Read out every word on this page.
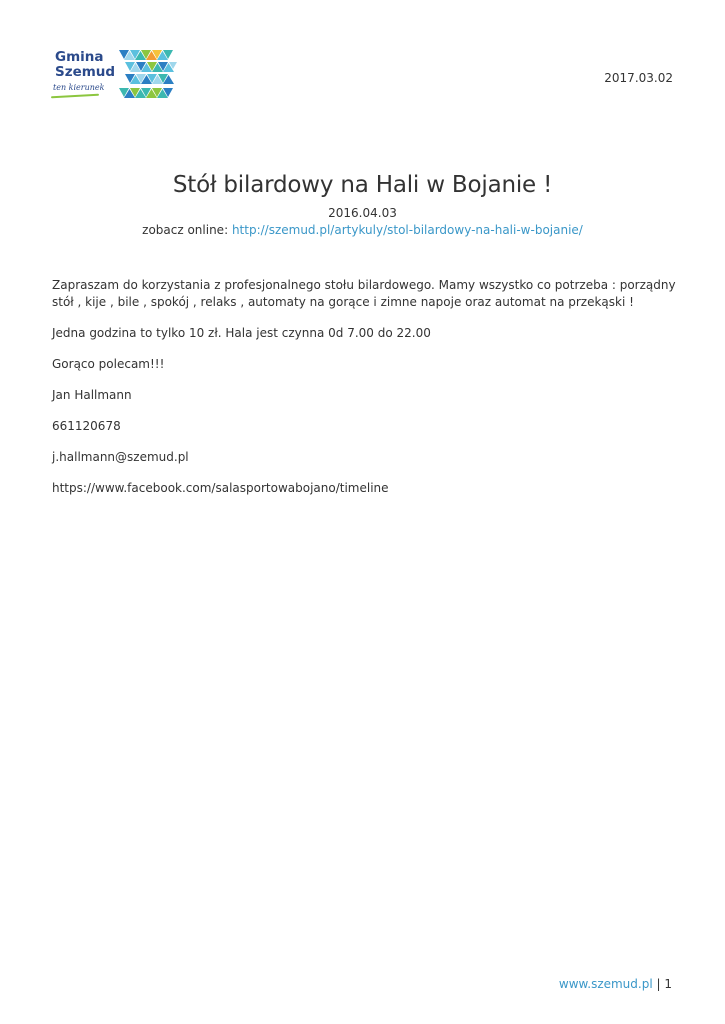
Gmina
Szemud
ten kierunek
2017.03.02
Stół bilardowy na Hali w Bojanie !
2016.04.03
zobacz online: http://szemud.pl/artykuly/stol-bilardowy-na-hali-w-bojanie/

Zapraszam do korzystania z profesjonalnego stołu bilardowego. Mamy wszystko co potrzeba : porządny stół , kije , bile , spokój , relaks , automaty na gorące i zimne napoje oraz automat na przekąski !

Jedna godzina to tylko 10 zł. Hala jest czynna 0d 7.00 do 22.00

Gorąco polecam!!!

Jan Hallmann

661120678

j.hallmann@szemud.pl

https://www.facebook.com/salasportowabojano/timeline

www.szemud.pl | 1
